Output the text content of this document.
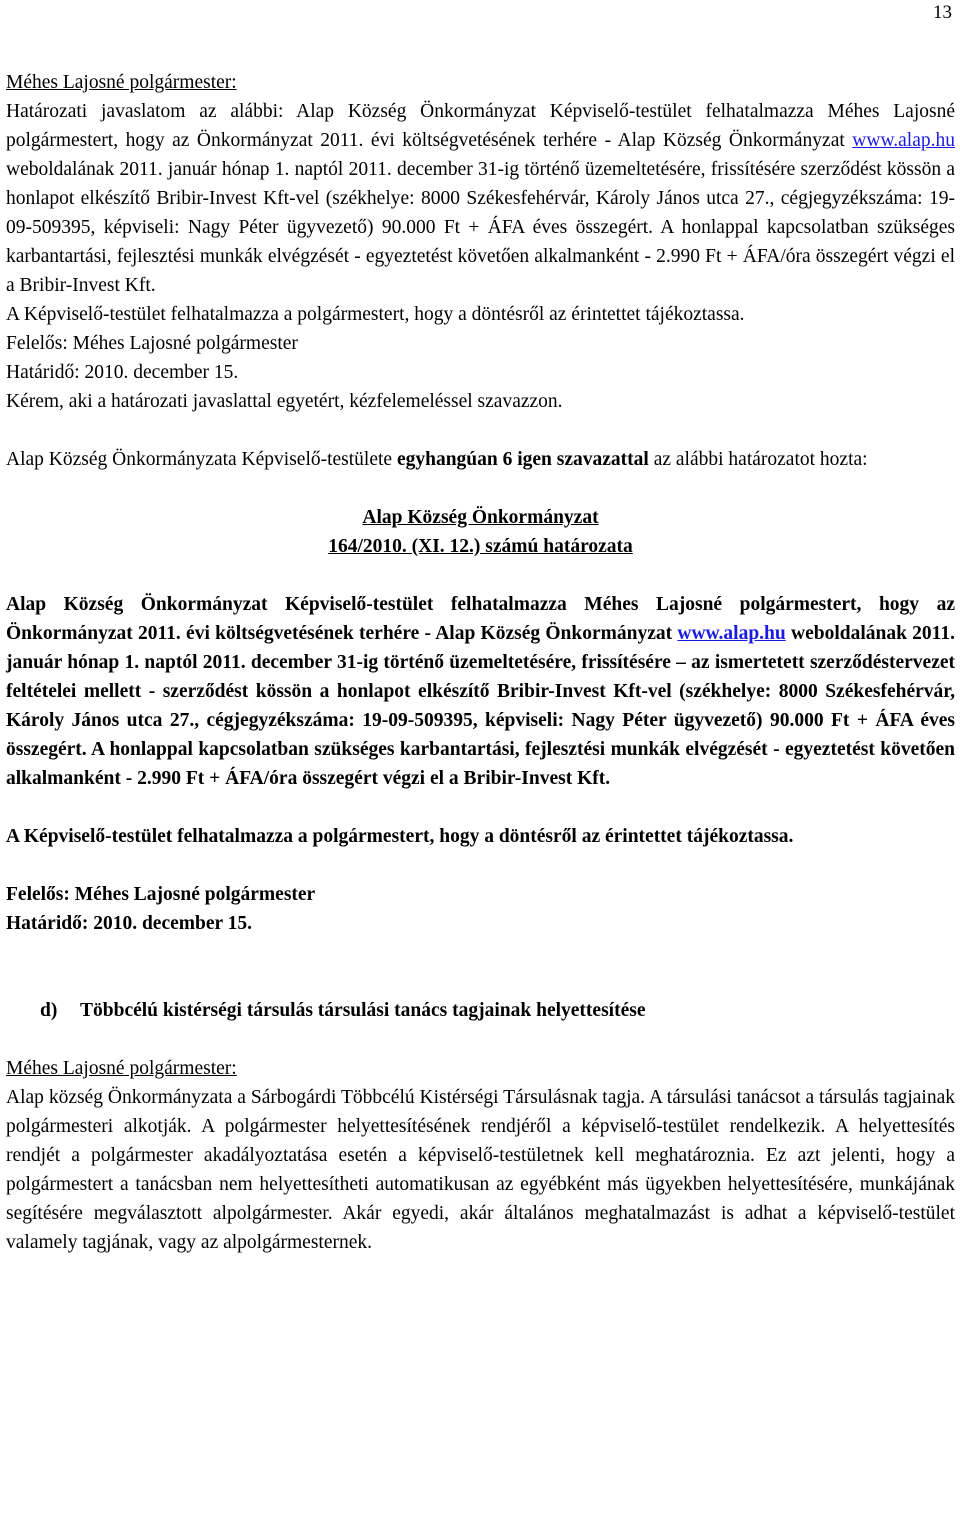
13

Méhes Lajosné polgármester:

Határozati javaslatom az alábbi: Alap Község Önkormányzat Képviselő-testület felhatalmazza Méhes Lajosné polgármestert, hogy az Önkormányzat 2011. évi költségvetésének terhére - Alap Község Önkormányzat www.alap.hu weboldalának 2011. január hónap 1. naptól 2011. december 31-ig történő üzemeltetésére, frissítésére szerződést kössön a honlapot elkészítő Bribir-Invest Kft-vel (székhelye: 8000 Székesfehérvár, Károly János utca 27., cégjegyzékszáma: 19-09-509395, képviseli: Nagy Péter ügyvezető) 90.000 Ft + ÁFA éves összegért. A honlappal kapcsolatban szükséges karbantartási, fejlesztési munkák elvégzését - egyeztetést követően alkalmanként - 2.990 Ft + ÁFA/óra összegért végzi el a Bribir-Invest Kft.

A Képviselő-testület felhatalmazza a polgármestert, hogy a döntésről az érintettet tájékoztassa.

Felelős: Méhes Lajosné polgármester

Határidő: 2010. december 15.

Kérem, aki a határozati javaslattal egyetért, kézfelemeléssel szavazzon.

Alap Község Önkormányzata Képviselő-testülete egyhangúan 6 igen szavazattal az alábbi határozatot hozta:

Alap Község Önkormányzat

164/2010. (XI. 12.) számú határozata

Alap Község Önkormányzat Képviselő-testület felhatalmazza Méhes Lajosné polgármestert, hogy az Önkormányzat 2011. évi költségvetésének terhére - Alap Község Önkormányzat www.alap.hu weboldalának 2011. január hónap 1. naptól 2011. december 31-ig történő üzemeltetésére, frissítésére – az ismertetett szerződéstervezet feltételei mellett - szerződést kössön a honlapot elkészítő Bribir-Invest Kft-vel (székhelye: 8000 Székesfehérvár, Károly János utca 27., cégjegyzékszáma: 19-09-509395, képviseli: Nagy Péter ügyvezető) 90.000 Ft + ÁFA éves összegért. A honlappal kapcsolatban szükséges karbantartási, fejlesztési munkák elvégzését - egyeztetést követően alkalmanként - 2.990 Ft + ÁFA/óra összegért végzi el a Bribir-Invest Kft.

A Képviselő-testület felhatalmazza a polgármestert, hogy a döntésről az érintettet tájékoztassa.

Felelős: Méhes Lajosné polgármester

Határidő: 2010. december 15.

d) Többcélú kistérségi társulás társulási tanács tagjainak helyettesítése

Méhes Lajosné polgármester:

Alap község Önkormányzata a Sárbogárdi Többcélú Kistérségi Társulásnak tagja. A társulási tanácsot a társulás tagjainak polgármesteri alkotják. A polgármester helyettesítésének rendjéről a képviselő-testület rendelkezik. A helyettesítés rendjét a polgármester akadályoztatása esetén a képviselő-testületnek kell meghatároznia. Ez azt jelenti, hogy a polgármestert a tanácsban nem helyettesítheti automatikusan az egyébként más ügyekben helyettesítésére, munkájának segítésére megválasztott alpolgármester. Akár egyedi, akár általános meghatalmazást is adhat a képviselő-testület valamely tagjának, vagy az alpolgármesternek.
